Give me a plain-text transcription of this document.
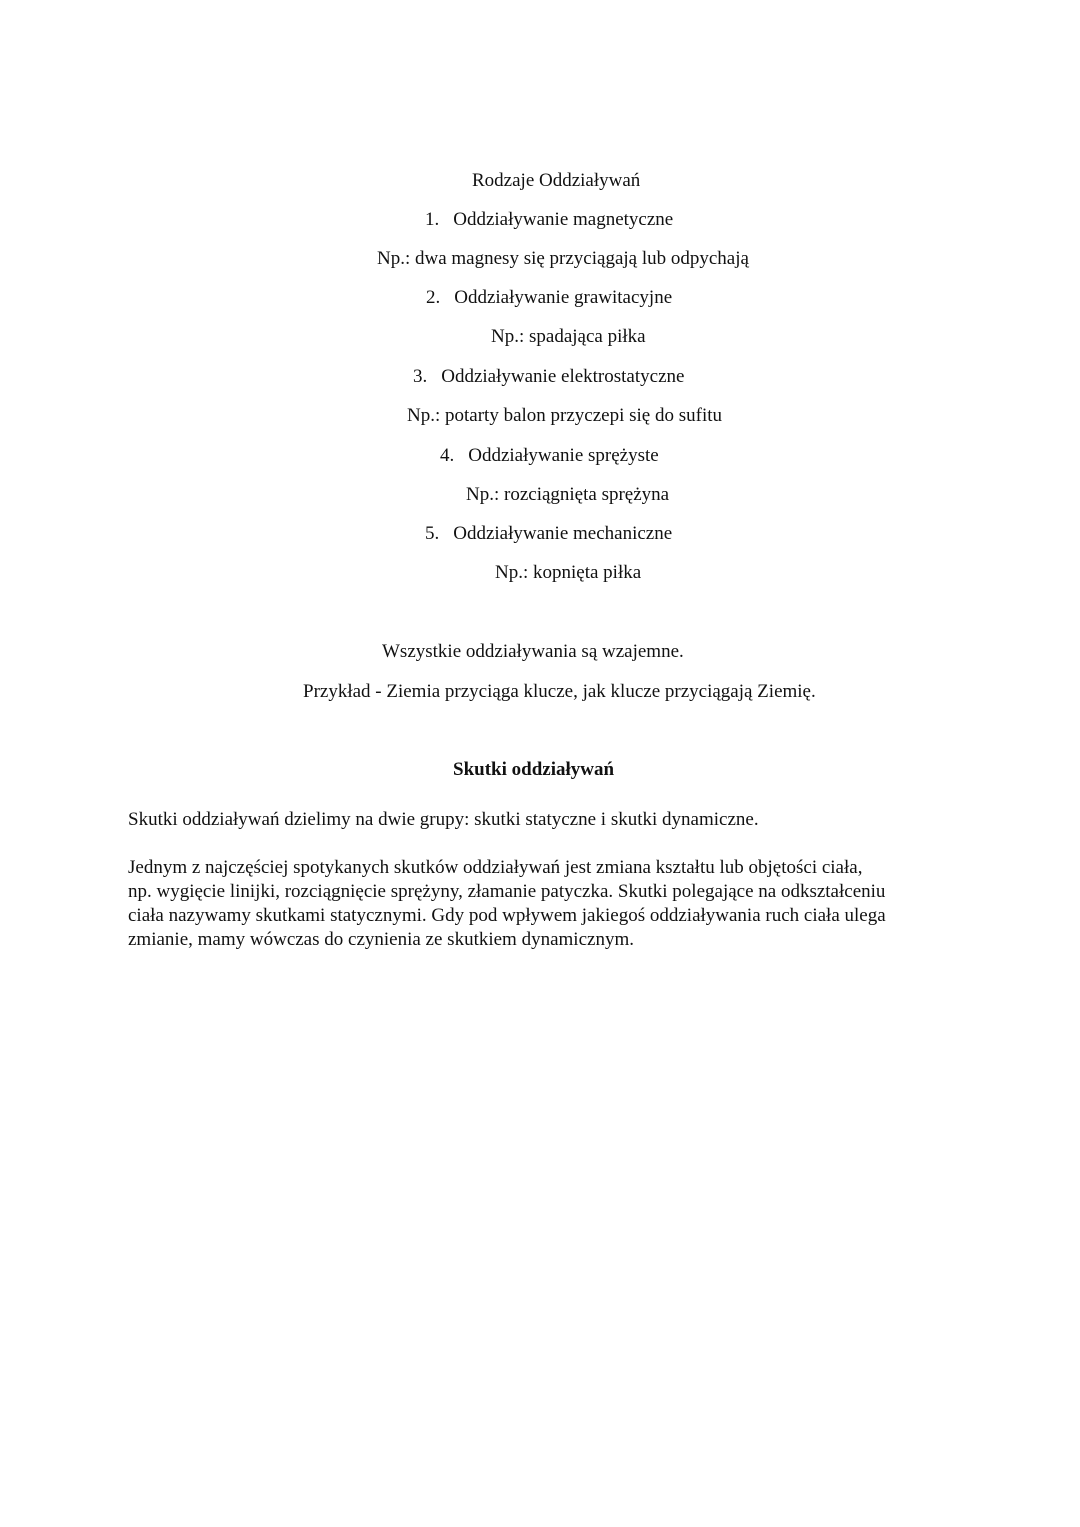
Rodzaje Oddziaływań
1. Oddziaływanie magnetyczne
Np.: dwa magnesy się przyciągają lub odpychają
2. Oddziaływanie grawitacyjne
Np.: spadająca piłka
3. Oddziaływanie elektrostatyczne
Np.: potarty balon przyczepi się do sufitu
4. Oddziaływanie sprężyste
Np.: rozciągnięta sprężyna
5. Oddziaływanie mechaniczne
Np.: kopnięta piłka
Wszystkie oddziaływania są wzajemne.
Przykład - Ziemia przyciąga klucze, jak klucze przyciągają Ziemię.
Skutki oddziaływań
Skutki oddziaływań dzielimy na dwie grupy: skutki statyczne i skutki dynamiczne.
Jednym z najczęściej spotykanych skutków oddziaływań jest zmiana kształtu lub objętości ciała,
np. wygięcie linijki, rozciągnięcie sprężyny, złamanie patyczka. Skutki polegające na odkształceniu
ciała nazywamy skutkami statycznymi. Gdy pod wpływem jakiegoś oddziaływania ruch ciała ulega
zmianie, mamy wówczas do czynienia ze skutkiem dynamicznym.
